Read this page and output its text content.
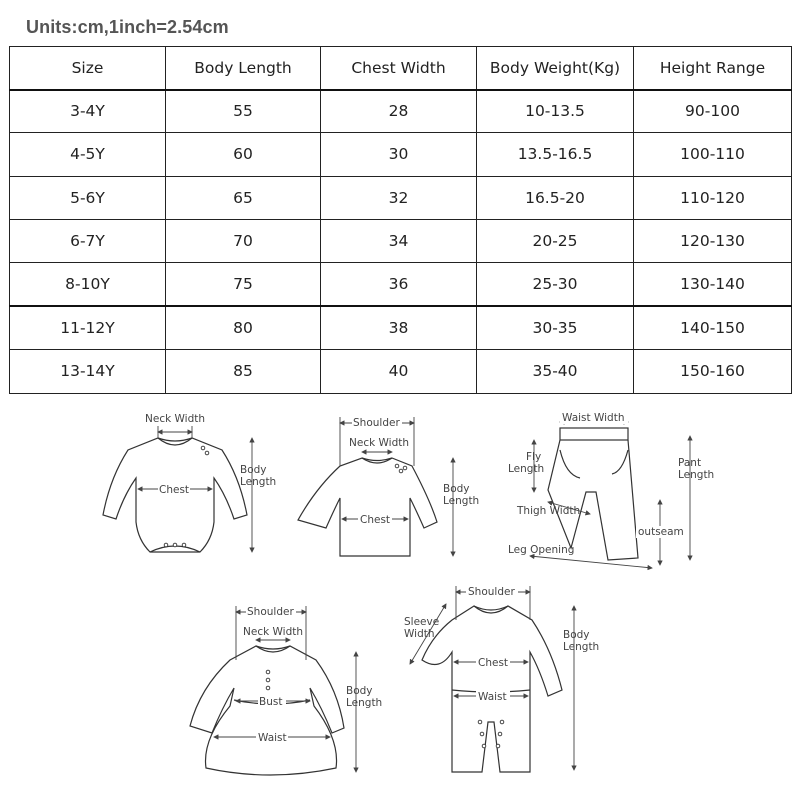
Units:cm,1inch=2.54cm
Size	Body Length	Chest Width	Body Weight(Kg)	Height Range
3-4Y	55	28	10-13.5	90-100
4-5Y	60	30	13.5-16.5	100-110
5-6Y	65	32	16.5-20	110-120
6-7Y	70	34	20-25	120-130
8-10Y	75	36	25-30	130-140
11-12Y	80	38	30-35	140-150
13-14Y	85	40	35-40	150-160
Neck Width
Chest
Body
Length
Shoulder
Neck Width
Chest
Body
Length
Waist Width
Fly
Length	Pant
Length
Thigh Width
outseam
Leg Opening
Shoulder
Neck Width
Bust
Waist
Body
Length
Shoulder
Sleeve
Width
Chest
Waist
Body
Length
